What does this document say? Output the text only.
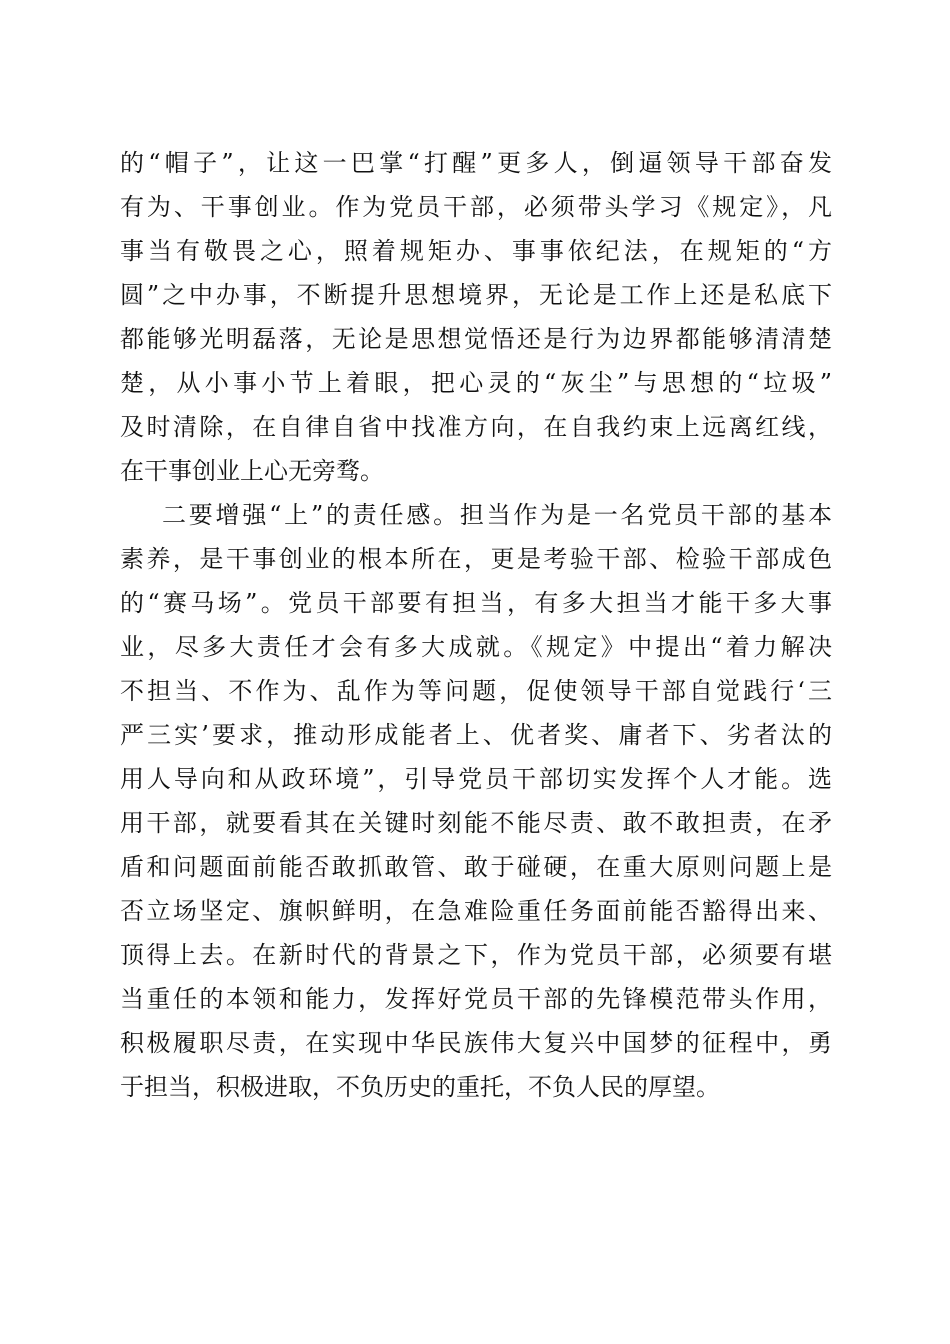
的“帽子”，让这一巴掌“打醒”更多人，倒逼领导干部奋发
有为、干事创业。作为党员干部，必须带头学习《规定》，凡
事当有敬畏之心，照着规矩办、事事依纪法，在规矩的“方
圆”之中办事，不断提升思想境界，无论是工作上还是私底下
都能够光明磊落，无论是思想觉悟还是行为边界都能够清清楚
楚，从小事小节上着眼，把心灵的“灰尘”与思想的“垃圾”
及时清除，在自律自省中找准方向，在自我约束上远离红线，
在干事创业上心无旁骛。
二要增强“上”的责任感。担当作为是一名党员干部的基本
素养，是干事创业的根本所在，更是考验干部、检验干部成色
的“赛马场”。党员干部要有担当，有多大担当才能干多大事
业，尽多大责任才会有多大成就。《规定》中提出“着力解决
不担当、不作为、乱作为等问题，促使领导干部自觉践行‘三
严三实’要求，推动形成能者上、优者奖、庸者下、劣者汰的
用人导向和从政环境”，引导党员干部切实发挥个人才能。选
用干部，就要看其在关键时刻能不能尽责、敢不敢担责，在矛
盾和问题面前能否敢抓敢管、敢于碰硬，在重大原则问题上是
否立场坚定、旗帜鲜明，在急难险重任务面前能否豁得出来、
顶得上去。在新时代的背景之下，作为党员干部，必须要有堪
当重任的本领和能力，发挥好党员干部的先锋模范带头作用，
积极履职尽责，在实现中华民族伟大复兴中国梦的征程中，勇
于担当，积极进取，不负历史的重托，不负人民的厚望。
